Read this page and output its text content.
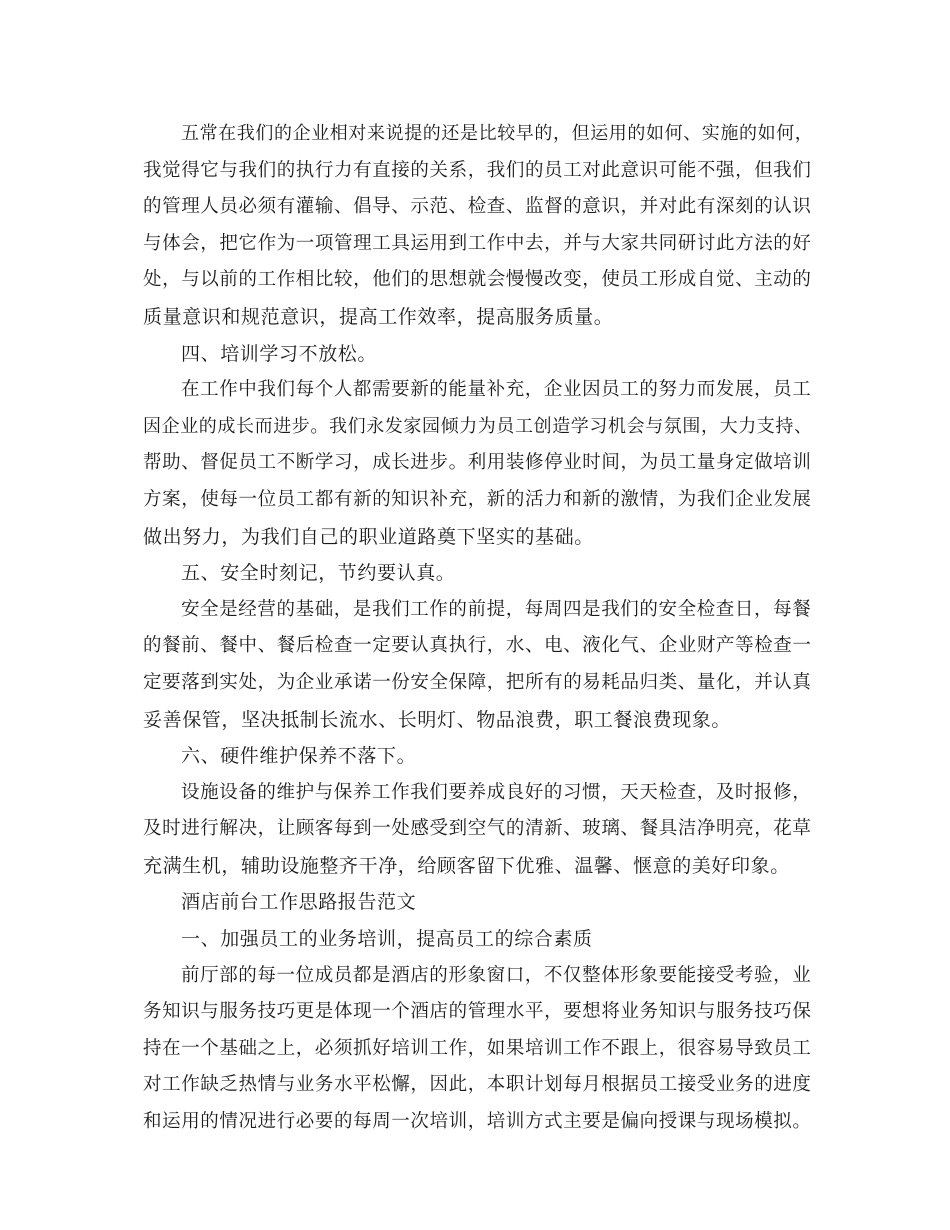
五常在我们的企业相对来说提的还是比较早的，但运用的如何、实施的如何，
我觉得它与我们的执行力有直接的关系，我们的员工对此意识可能不强，但我们
的管理人员必须有灌输、倡导、示范、检查、监督的意识，并对此有深刻的认识
与体会，把它作为一项管理工具运用到工作中去，并与大家共同研讨此方法的好
处，与以前的工作相比较，他们的思想就会慢慢改变，使员工形成自觉、主动的
质量意识和规范意识，提高工作效率，提高服务质量。
四、培训学习不放松。
在工作中我们每个人都需要新的能量补充，企业因员工的努力而发展，员工
因企业的成长而进步。我们永发家园倾力为员工创造学习机会与氛围，大力支持、
帮助、督促员工不断学习，成长进步。利用装修停业时间，为员工量身定做培训
方案，使每一位员工都有新的知识补充，新的活力和新的激情，为我们企业发展
做出努力，为我们自己的职业道路奠下坚实的基础。
五、安全时刻记，节约要认真。
安全是经营的基础，是我们工作的前提，每周四是我们的安全检查日，每餐
的餐前、餐中、餐后检查一定要认真执行，水、电、液化气、企业财产等检查一
定要落到实处，为企业承诺一份安全保障，把所有的易耗品归类、量化，并认真
妥善保管，坚决抵制长流水、长明灯、物品浪费，职工餐浪费现象。
六、硬件维护保养不落下。
设施设备的维护与保养工作我们要养成良好的习惯，天天检查，及时报修，
及时进行解决，让顾客每到一处感受到空气的清新、玻璃、餐具洁净明亮，花草
充满生机，辅助设施整齐干净，给顾客留下优雅、温馨、惬意的美好印象。
酒店前台工作思路报告范文
一、加强员工的业务培训，提高员工的综合素质
前厅部的每一位成员都是酒店的形象窗口，不仅整体形象要能接受考验，业
务知识与服务技巧更是体现一个酒店的管理水平，要想将业务知识与服务技巧保
持在一个基础之上，必须抓好培训工作，如果培训工作不跟上，很容易导致员工
对工作缺乏热情与业务水平松懈，因此，本职计划每月根据员工接受业务的进度
和运用的情况进行必要的每周一次培训，培训方式主要是偏向授课与现场模拟。
